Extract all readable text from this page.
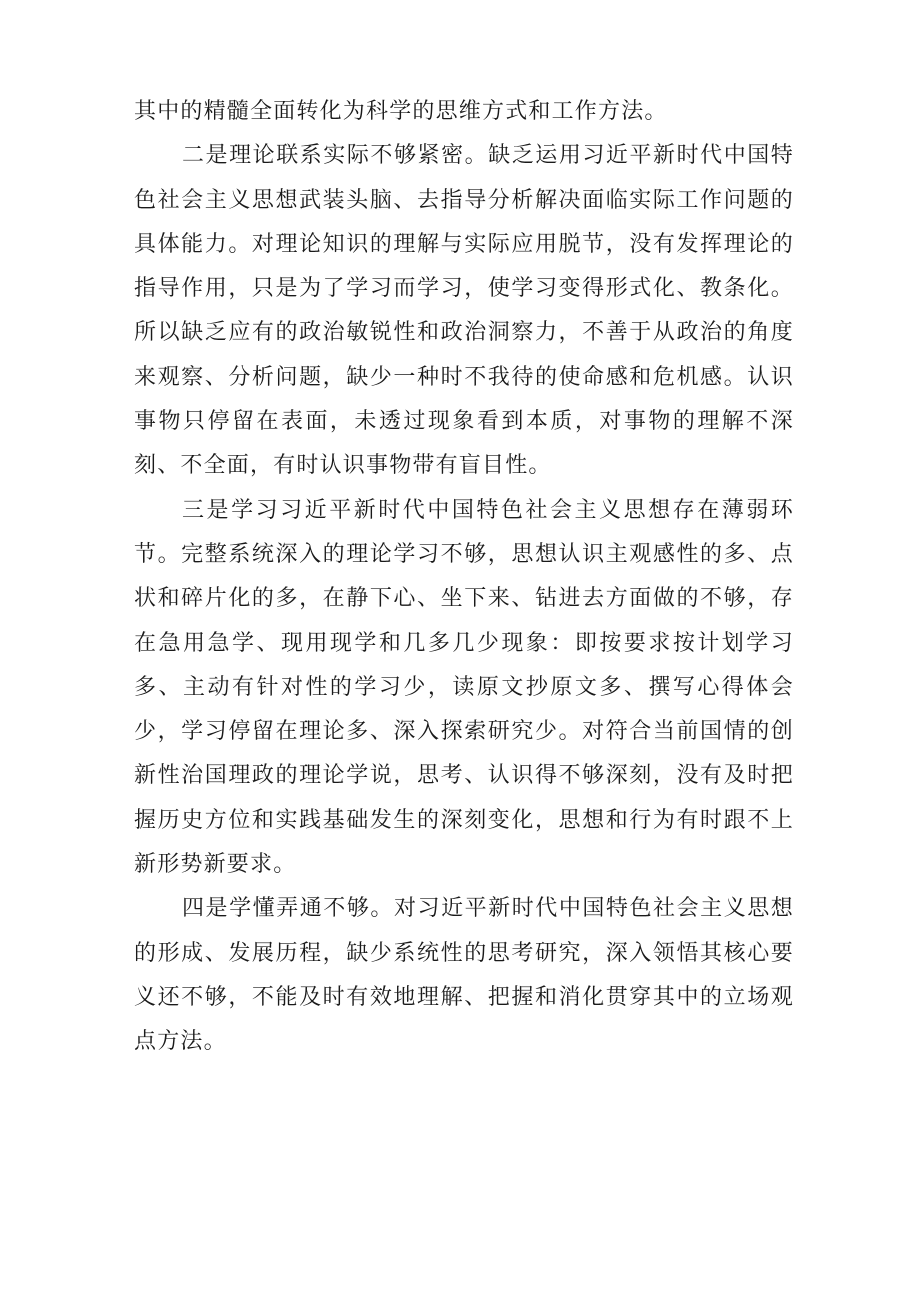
其中的精髓全面转化为科学的思维方式和工作方法。

二是理论联系实际不够紧密。缺乏运用习近平新时代中国特色社会主义思想武装头脑、去指导分析解决面临实际工作问题的具体能力。对理论知识的理解与实际应用脱节，没有发挥理论的指导作用，只是为了学习而学习，使学习变得形式化、教条化。所以缺乏应有的政治敏锐性和政治洞察力，不善于从政治的角度来观察、分析问题，缺少一种时不我待的使命感和危机感。认识事物只停留在表面，未透过现象看到本质，对事物的理解不深刻、不全面，有时认识事物带有盲目性。

三是学习习近平新时代中国特色社会主义思想存在薄弱环节。完整系统深入的理论学习不够，思想认识主观感性的多、点状和碎片化的多，在静下心、坐下来、钻进去方面做的不够，存在急用急学、现用现学和几多几少现象：即按要求按计划学习多、主动有针对性的学习少，读原文抄原文多、撰写心得体会少，学习停留在理论多、深入探索研究少。对符合当前国情的创新性治国理政的理论学说，思考、认识得不够深刻，没有及时把握历史方位和实践基础发生的深刻变化，思想和行为有时跟不上新形势新要求。

四是学懂弄通不够。对习近平新时代中国特色社会主义思想的形成、发展历程，缺少系统性的思考研究，深入领悟其核心要义还不够，不能及时有效地理解、把握和消化贯穿其中的立场观点方法。
